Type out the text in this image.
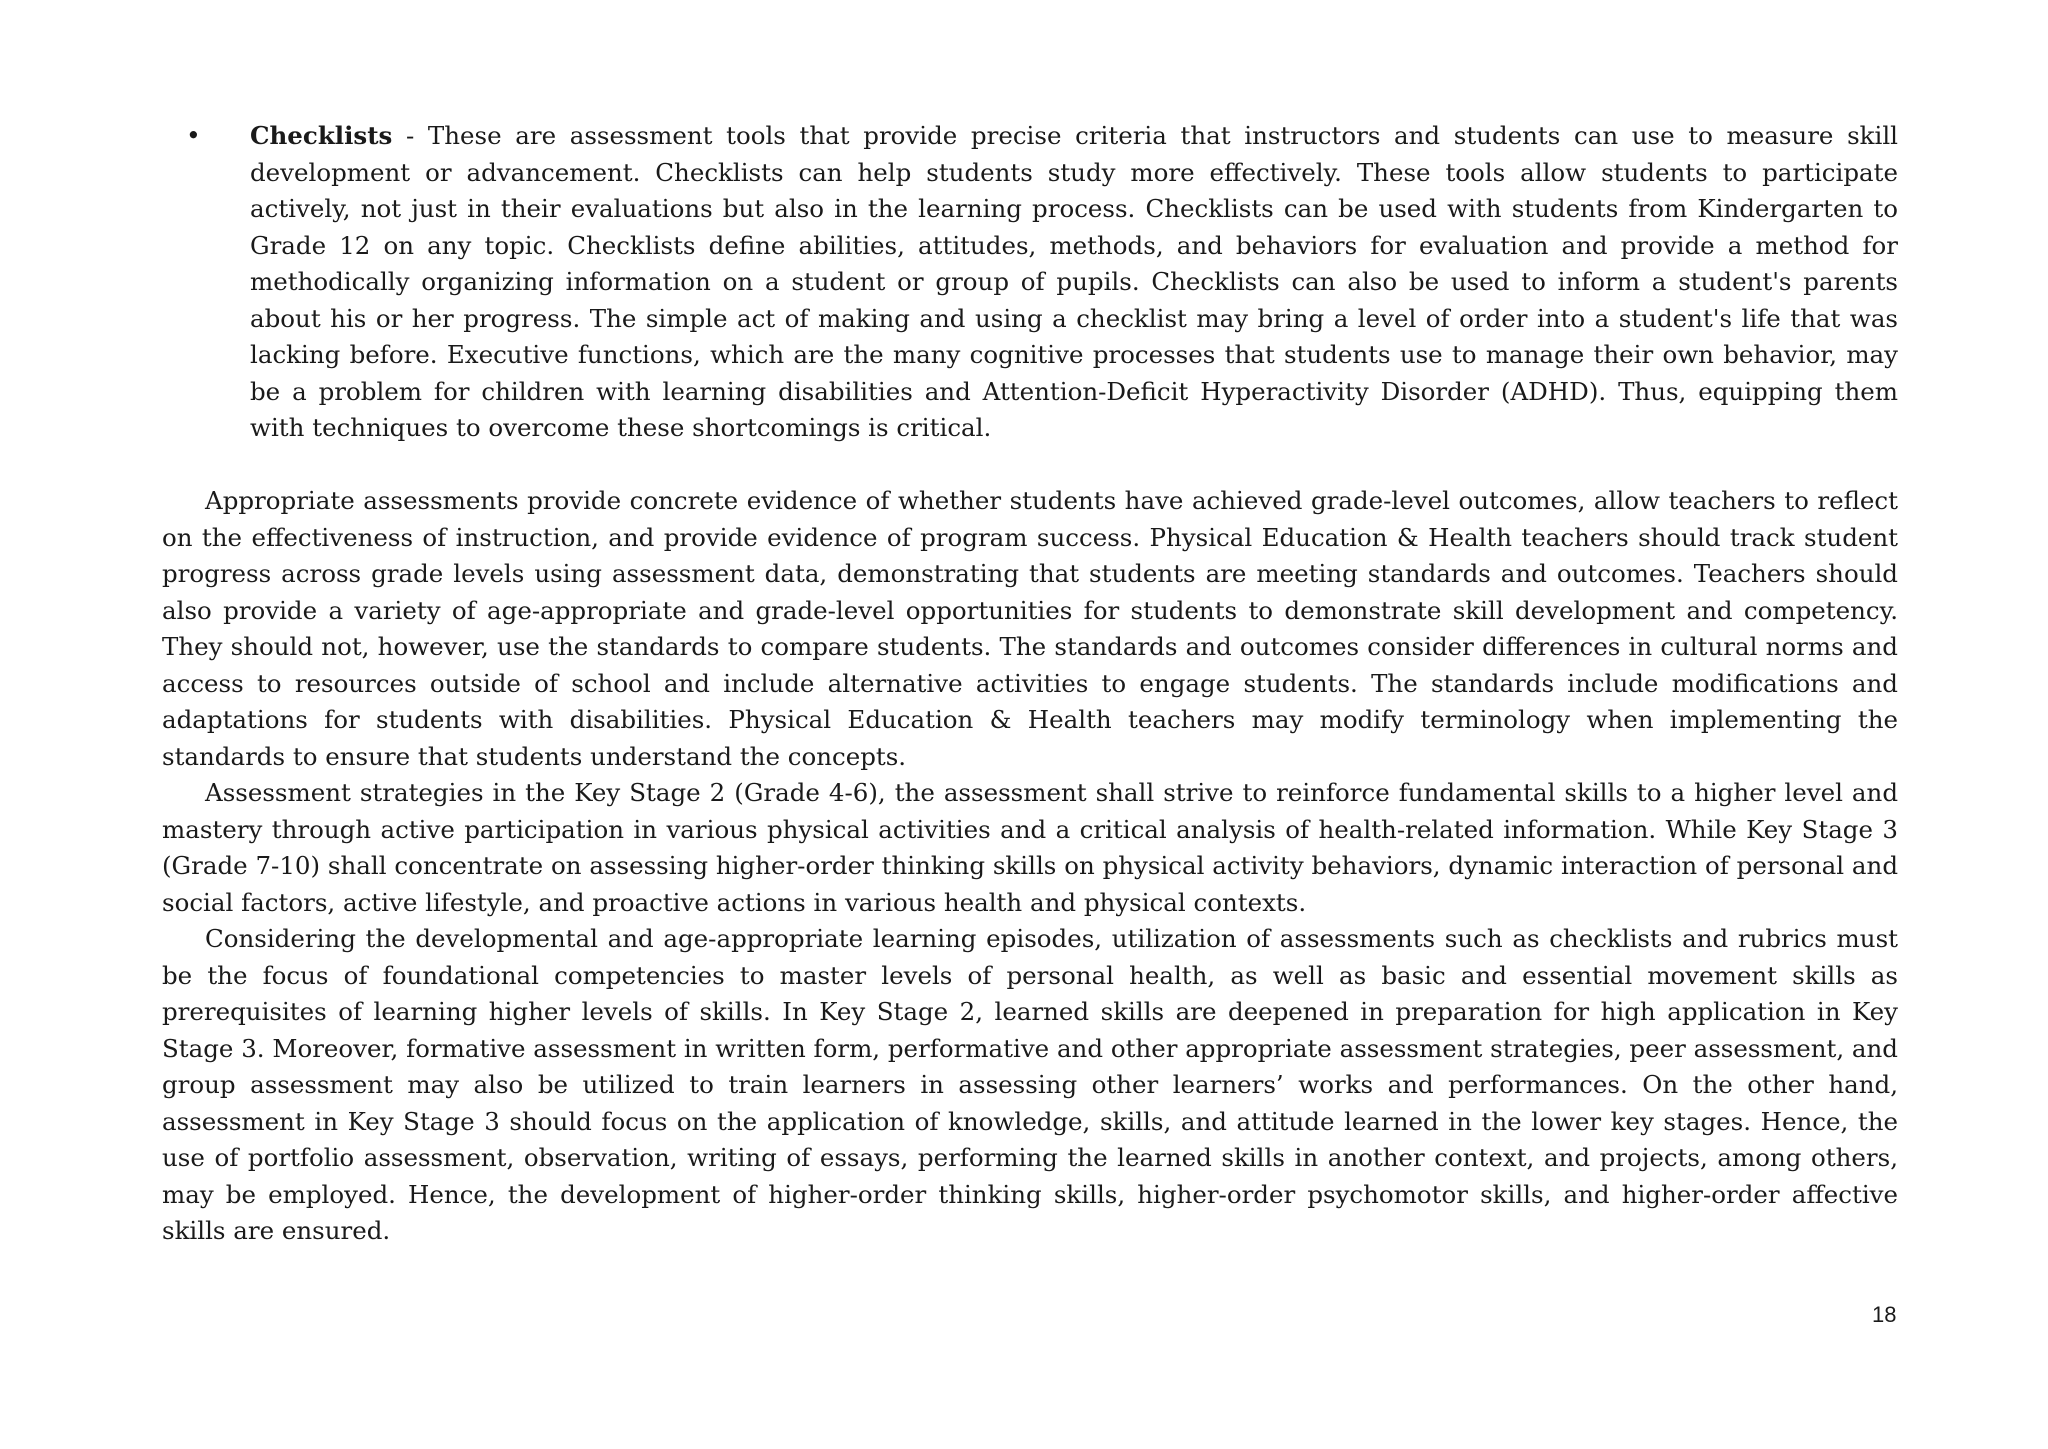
• Checklists - These are assessment tools that provide precise criteria that instructors and students can use to measure skill development or advancement. Checklists can help students study more effectively. These tools allow students to participate actively, not just in their evaluations but also in the learning process. Checklists can be used with students from Kindergarten to Grade 12 on any topic. Checklists define abilities, attitudes, methods, and behaviors for evaluation and provide a method for methodically organizing information on a student or group of pupils. Checklists can also be used to inform a student's parents about his or her progress. The simple act of making and using a checklist may bring a level of order into a student's life that was lacking before. Executive functions, which are the many cognitive processes that students use to manage their own behavior, may be a problem for children with learning disabilities and Attention-Deficit Hyperactivity Disorder (ADHD). Thus, equipping them with techniques to overcome these shortcomings is critical.

Appropriate assessments provide concrete evidence of whether students have achieved grade-level outcomes, allow teachers to reflect on the effectiveness of instruction, and provide evidence of program success. Physical Education & Health teachers should track student progress across grade levels using assessment data, demonstrating that students are meeting standards and outcomes. Teachers should also provide a variety of age-appropriate and grade-level opportunities for students to demonstrate skill development and competency. They should not, however, use the standards to compare students. The standards and outcomes consider differences in cultural norms and access to resources outside of school and include alternative activities to engage students. The standards include modifications and adaptations for students with disabilities. Physical Education & Health teachers may modify terminology when implementing the standards to ensure that students understand the concepts.

Assessment strategies in the Key Stage 2 (Grade 4-6), the assessment shall strive to reinforce fundamental skills to a higher level and mastery through active participation in various physical activities and a critical analysis of health-related information. While Key Stage 3 (Grade 7-10) shall concentrate on assessing higher-order thinking skills on physical activity behaviors, dynamic interaction of personal and social factors, active lifestyle, and proactive actions in various health and physical contexts.

Considering the developmental and age-appropriate learning episodes, utilization of assessments such as checklists and rubrics must be the focus of foundational competencies to master levels of personal health, as well as basic and essential movement skills as prerequisites of learning higher levels of skills. In Key Stage 2, learned skills are deepened in preparation for high application in Key Stage 3. Moreover, formative assessment in written form, performative and other appropriate assessment strategies, peer assessment, and group assessment may also be utilized to train learners in assessing other learners’ works and performances. On the other hand, assessment in Key Stage 3 should focus on the application of knowledge, skills, and attitude learned in the lower key stages. Hence, the use of portfolio assessment, observation, writing of essays, performing the learned skills in another context, and projects, among others, may be employed. Hence, the development of higher-order thinking skills, higher-order psychomotor skills, and higher-order affective skills are ensured.

18
